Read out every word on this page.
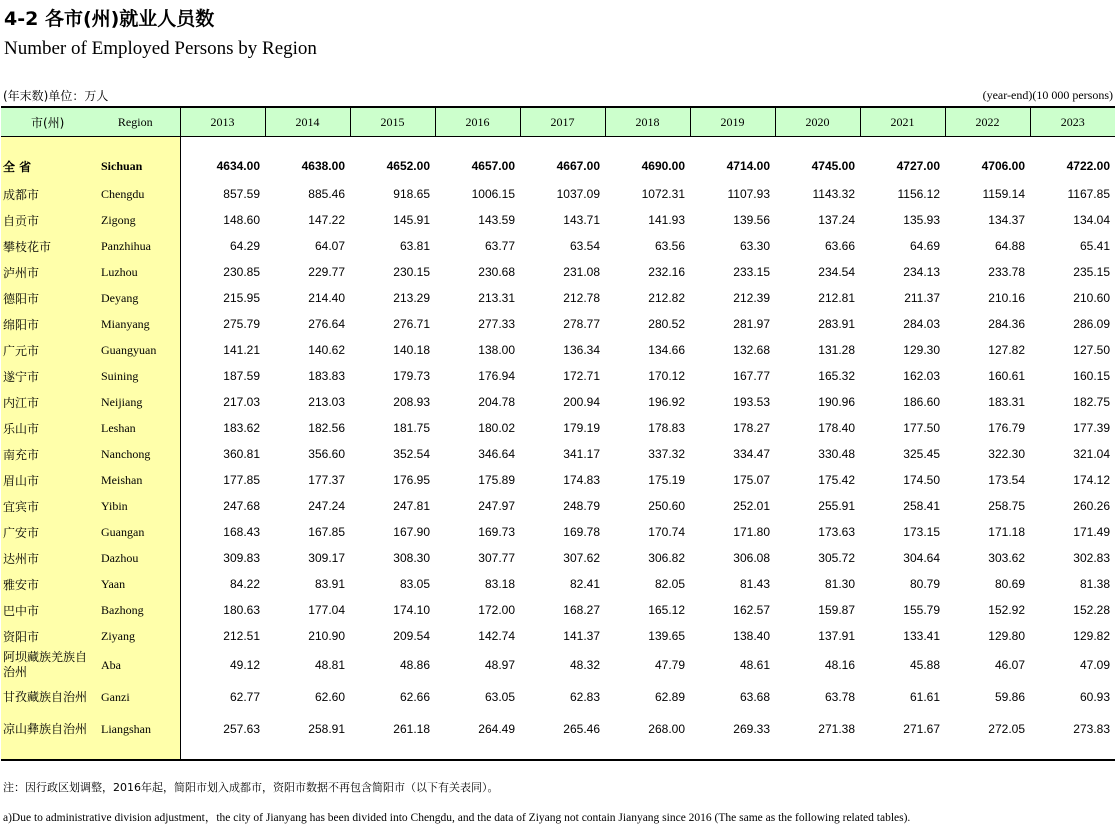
4-2 各市(州)就业人员数
Number of Employed Persons by Region
(年末数)单位：万人	(year-end)(10 000 persons)
市(州)	Region	2013	2014	2015	2016	2017	2018	2019	2020	2021	2022	2023

全 省	Sichuan	4634.00	4638.00	4652.00	4657.00	4667.00	4690.00	4714.00	4745.00	4727.00	4706.00	4722.00
成都市	Chengdu	857.59	885.46	918.65	1006.15	1037.09	1072.31	1107.93	1143.32	1156.12	1159.14	1167.85
自贡市	Zigong	148.60	147.22	145.91	143.59	143.71	141.93	139.56	137.24	135.93	134.37	134.04
攀枝花市	Panzhihua	64.29	64.07	63.81	63.77	63.54	63.56	63.30	63.66	64.69	64.88	65.41
泸州市	Luzhou	230.85	229.77	230.15	230.68	231.08	232.16	233.15	234.54	234.13	233.78	235.15
德阳市	Deyang	215.95	214.40	213.29	213.31	212.78	212.82	212.39	212.81	211.37	210.16	210.60
绵阳市	Mianyang	275.79	276.64	276.71	277.33	278.77	280.52	281.97	283.91	284.03	284.36	286.09
广元市	Guangyuan	141.21	140.62	140.18	138.00	136.34	134.66	132.68	131.28	129.30	127.82	127.50
遂宁市	Suining	187.59	183.83	179.73	176.94	172.71	170.12	167.77	165.32	162.03	160.61	160.15
内江市	Neijiang	217.03	213.03	208.93	204.78	200.94	196.92	193.53	190.96	186.60	183.31	182.75
乐山市	Leshan	183.62	182.56	181.75	180.02	179.19	178.83	178.27	178.40	177.50	176.79	177.39
南充市	Nanchong	360.81	356.60	352.54	346.64	341.17	337.32	334.47	330.48	325.45	322.30	321.04
眉山市	Meishan	177.85	177.37	176.95	175.89	174.83	175.19	175.07	175.42	174.50	173.54	174.12
宜宾市	Yibin	247.68	247.24	247.81	247.97	248.79	250.60	252.01	255.91	258.41	258.75	260.26
广安市	Guangan	168.43	167.85	167.90	169.73	169.78	170.74	171.80	173.63	173.15	171.18	171.49
达州市	Dazhou	309.83	309.17	308.30	307.77	307.62	306.82	306.08	305.72	304.64	303.62	302.83
雅安市	Yaan	84.22	83.91	83.05	83.18	82.41	82.05	81.43	81.30	80.79	80.69	81.38
巴中市	Bazhong	180.63	177.04	174.10	172.00	168.27	165.12	162.57	159.87	155.79	152.92	152.28
资阳市	Ziyang	212.51	210.90	209.54	142.74	141.37	139.65	138.40	137.91	133.41	129.80	129.82
阿坝藏族羌族自治州	Aba	49.12	48.81	48.86	48.97	48.32	47.79	48.61	48.16	45.88	46.07	47.09
甘孜藏族自治州	Ganzi	62.77	62.60	62.66	63.05	62.83	62.89	63.68	63.78	61.61	59.86	60.93
凉山彝族自治州	Liangshan	257.63	258.91	261.18	264.49	265.46	268.00	269.33	271.38	271.67	272.05	273.83

注：因行政区划调整，2016年起，简阳市划入成都市，资阳市数据不再包含简阳市（以下有关表同）。
a)Due to administrative division adjustment，the city of Jianyang has been divided into Chengdu, and the data of Ziyang not contain Jianyang since 2016 (The same as the following related tables).
